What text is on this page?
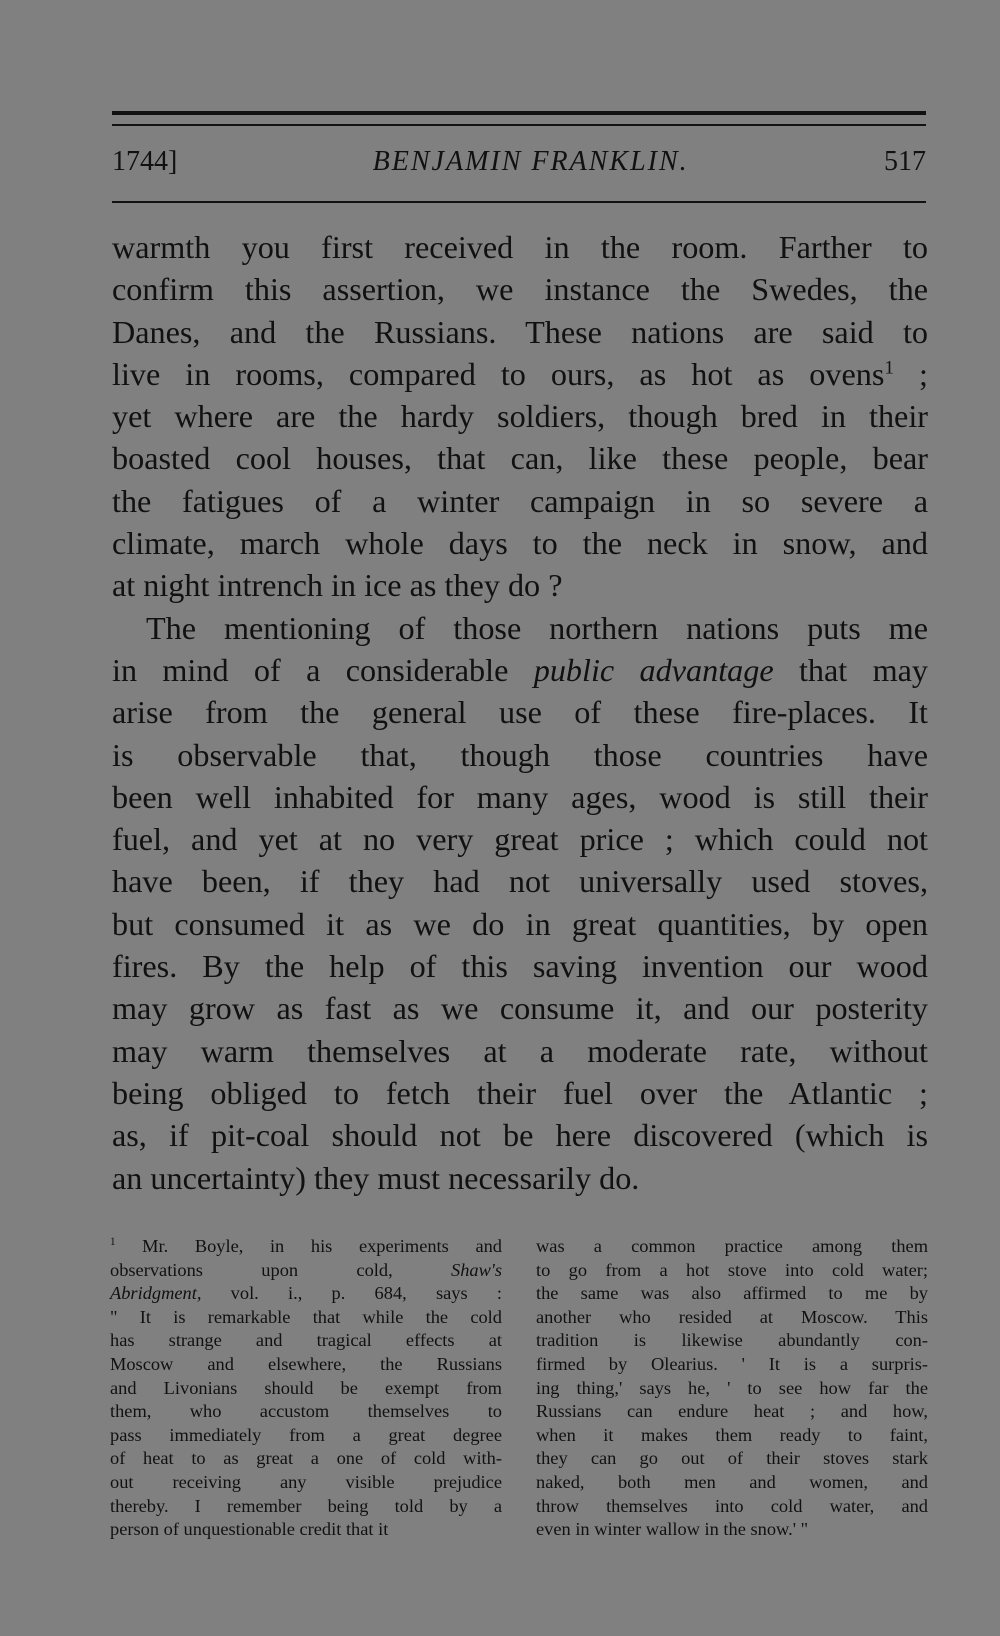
1744]	BENJAMIN FRANKLIN.	517
warmth you first received in the room. Farther to
confirm this assertion, we instance the Swedes, the
Danes, and the Russians. These nations are said to
live in rooms, compared to ours, as hot as ovens$^1$ ;
yet where are the hardy soldiers, though bred in their
boasted cool houses, that can, like these people, bear
the fatigues of a winter campaign in so severe a
climate, march whole days to the neck in snow, and
at night intrench in ice as they do ?
The mentioning of those northern nations puts me
in mind of a considerable public advantage that may
arise from the general use of these fire-places. It
is observable that, though those countries have
been well inhabited for many ages, wood is still their
fuel, and yet at no very great price ; which could not
have been, if they had not universally used stoves,
but consumed it as we do in great quantities, by open
fires. By the help of this saving invention our wood
may grow as fast as we consume it, and our posterity
may warm themselves at a moderate rate, without
being obliged to fetch their fuel over the Atlantic ;
as, if pit-coal should not be here discovered (which is
an uncertainty) they must necessarily do.
$^1$ Mr. Boyle, in his experiments and
observations upon cold,	Shaw's
Abridgment, vol. i., p. 684, says :
" It is remarkable that while the cold
has strange and tragical effects at
Moscow and elsewhere, the Russians
and Livonians should be exempt from
them, who accustom themselves to
pass immediately from a great degree
of heat to as great a one of cold with-
out receiving any visible prejudice
thereby. I remember being told by a
person of unquestionable credit that it
was a common practice among them
to go from a hot stove into cold water;
the same was also affirmed to me by
another who resided at Moscow. This
tradition is likewise abundantly con-
firmed by Olearius. ' It is a surpris-
ing thing,' says he, ' to see how far the
Russians can endure heat ; and how,
when it makes them ready to faint,
they can go out of their stoves stark
naked, both men and women, and
throw themselves into cold water, and
even in winter wallow in the snow.' "
